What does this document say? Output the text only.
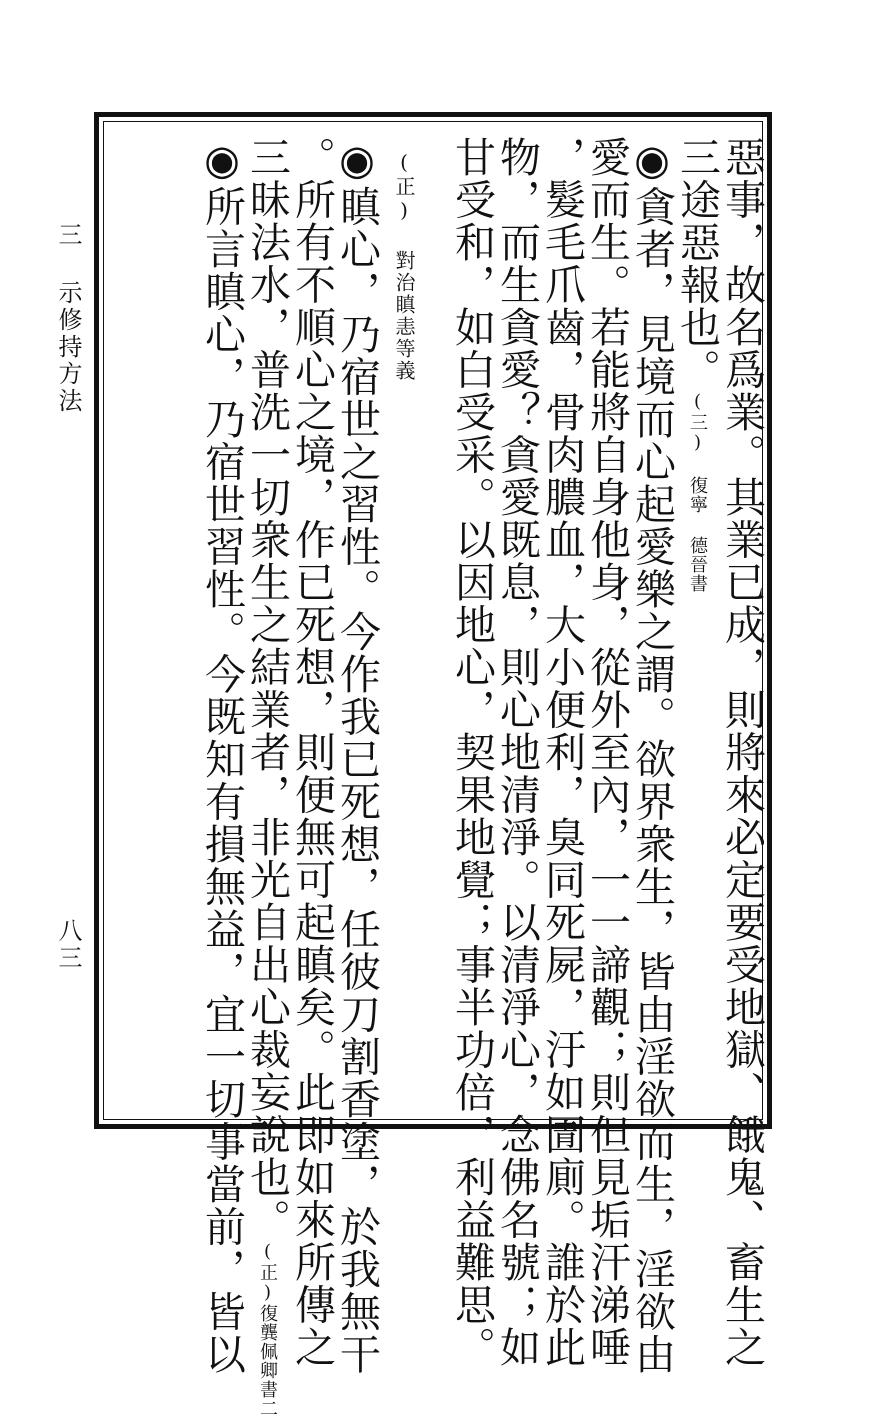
三 示修持方法
八三	惡事，故名爲業。其業已成，則將來必定要受地獄、餓鬼、畜生之
三途惡報也。(三) 復寧 德晉書
◉貪者，見境而心起愛樂之謂。欲界衆生，皆由淫欲而生，淫欲由
愛而生。若能將自身他身，從外至內，一一諦觀；則但見垢汗涕唾
，髮毛爪齒，骨肉膿血，大小便利，臭同死屍，汙如圊廁。誰於此
物，而生貪愛？貪愛既息，則心地清淨。以清淨心，念佛名號；如
甘受和，如白受采。以因地心，契果地覺；事半功倍，利益難思。
(正) 對治瞋恚等義
◉瞋心，乃宿世之習性。今作我已死想，任彼刀割香塗，於我無干
。所有不順心之境，作已死想，則便無可起瞋矣。此即如來所傳之
三昧法水，普洗一切衆生之結業者，非光自出心裁妄說也。(正)復龔佩卿書二
◉所言瞋心，乃宿世習性。今既知有損無益，宜一切事當前，皆以
